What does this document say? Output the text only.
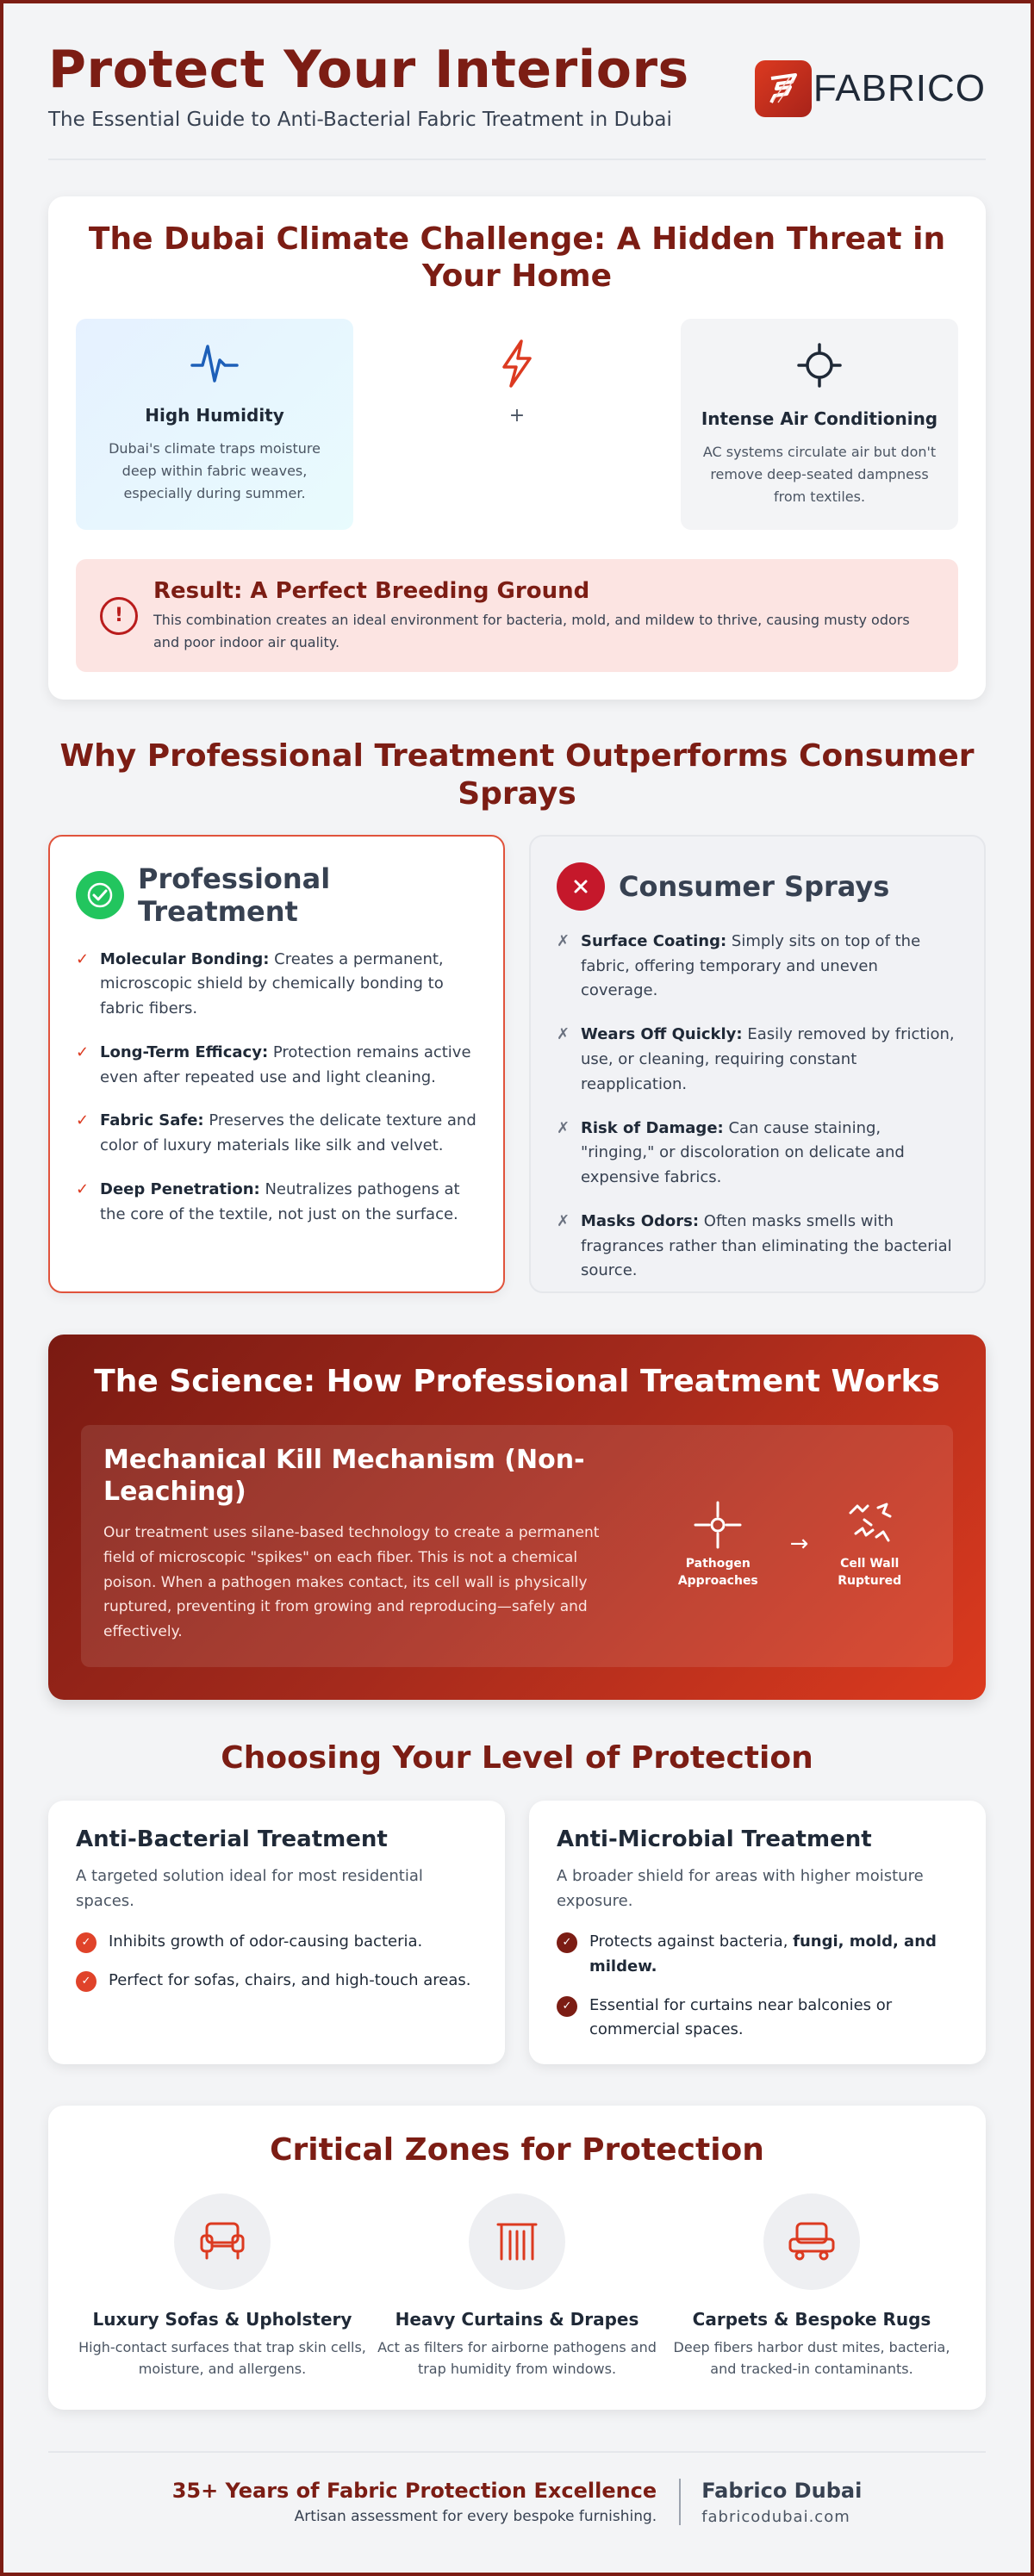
Protect Your Interiors
The Essential Guide to Anti-Bacterial Fabric Treatment in Dubai
FABRICO
The Dubai Climate Challenge: A Hidden Threat in Your Home
High Humidity

Dubai's climate traps moisture deep within fabric weaves, especially during summer.

+	Intense Air Conditioning

AC systems circulate air but don't remove deep-seated dampness from textiles.

!
Result: A Perfect Breeding Ground

This combination creates an ideal environment for bacteria, mold, and mildew to thrive, causing musty odors and poor indoor air quality.

Why Professional Treatment Outperforms Consumer Sprays
Professional Treatment
✓ Molecular Bonding: Creates a permanent, microscopic shield by chemically bonding to fabric fibers.

✓ Long-Term Efficacy: Protection remains active even after repeated use and light cleaning.

✓ Fabric Safe: Preserves the delicate texture and color of luxury materials like silk and velvet.

✓ Deep Penetration: Neutralizes pathogens at the core of the textile, not just on the surface.

Consumer Sprays
✗ Surface Coating: Simply sits on top of the fabric, offering temporary and uneven coverage.

✗ Wears Off Quickly: Easily removed by friction, use, or cleaning, requiring constant reapplication.

✗ Risk of Damage: Can cause staining, "ringing," or discoloration on delicate and expensive fabrics.

✗ Masks Odors: Often masks smells with fragrances rather than eliminating the bacterial source.

The Science: How Professional Treatment Works
Mechanical Kill Mechanism (Non-Leaching)

Our treatment uses silane-based technology to create a permanent field of microscopic "spikes" on each fiber. This is not a chemical poison. When a pathogen makes contact, its cell wall is physically ruptured, preventing it from growing and reproducing—safely and effectively.

Pathogen Approaches
→
Cell Wall Ruptured
Choosing Your Level of Protection
Anti-Bacterial Treatment

A targeted solution ideal for most residential spaces.

✓	Inhibits growth of odor-causing bacteria.

✓	Perfect for sofas, chairs, and high-touch areas.

Anti-Microbial Treatment

A broader shield for areas with higher moisture exposure.

✓	Protects against bacteria, fungi, mold, and mildew.

✓	Essential for curtains near balconies or commercial spaces.

Critical Zones for Protection
Luxury Sofas & Upholstery

High-contact surfaces that trap skin cells, moisture, and allergens.

Heavy Curtains & Drapes

Act as filters for airborne pathogens and trap humidity from windows.

Carpets & Bespoke Rugs

Deep fibers harbor dust mites, bacteria, and tracked-in contaminants.

35+ Years of Fabric Protection Excellence

Artisan assessment for every bespoke furnishing.

Fabrico Dubai

fabricodubai.com
